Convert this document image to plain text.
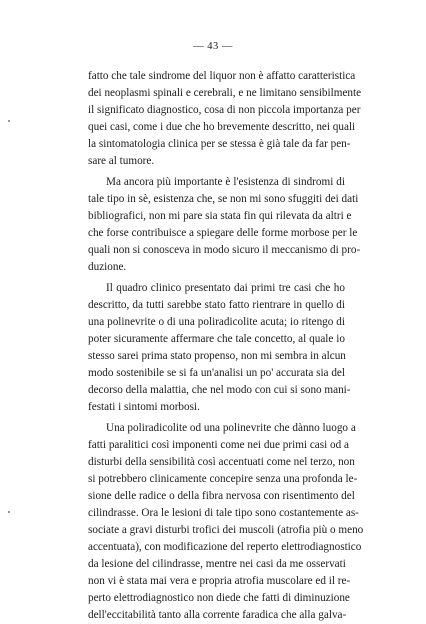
— 43 —
fatto che tale sindrome del liquor non è affatto caratteristica
dei neoplasmi spinali e cerebrali, e ne limitano sensibilmente
il significato diagnostico, cosa di non piccola importanza per
quei casi, come i due che ho brevemente descritto, nei quali
la sintomatologia clinica per se stessa è già tale da far pen-
sare al tumore.
Ma ancora più importante è l'esistenza di sindromi di
tale tipo in sè, esistenza che, se non mi sono sfuggiti dei dati
bibliografici, non mi pare sia stata fin qui rilevata da altri e
che forse contribuisce a spiegare delle forme morbose per le
quali non si conosceva in modo sicuro il meccanismo di pro-
duzione.
Il quadro clinico presentato dai primi tre casi che ho
descritto, da tutti sarebbe stato fatto rientrare in quello di
una polinevrite o di una poliradicolite acuta; io ritengo di
poter sicuramente affermare che tale concetto, al quale io
stesso sarei prima stato propenso, non mi sembra in alcun
modo sostenibile se si fa un'analisi un po' accurata sia del
decorso della malattia, che nel modo con cui si sono mani-
festati i sintomi morbosi.
Una poliradicolite od una polinevrite che dànno luogo a
fatti paralitici così imponenti come nei due primi casi od a
disturbi della sensibilità così accentuati come nel terzo, non
si potrebbero clinicamente concepire senza una profonda le-
sione delle radice o della fibra nervosa con risentimento del
cilindrasse. Ora le lesioni di tale tipo sono costantemente as-
sociate a gravi disturbi trofici dei muscoli (atrofia più o meno
accentuata), con modificazione del reperto elettrodiagnostico
da lesione del cilindrasse, mentre nei casi da me osservati
non vi è stata mai vera e propria atrofia muscolare ed il re-
perto elettrodiagnostico non diede che fatti di diminuzione
dell'eccitabilità tanto alla corrente faradica che alla galva-
